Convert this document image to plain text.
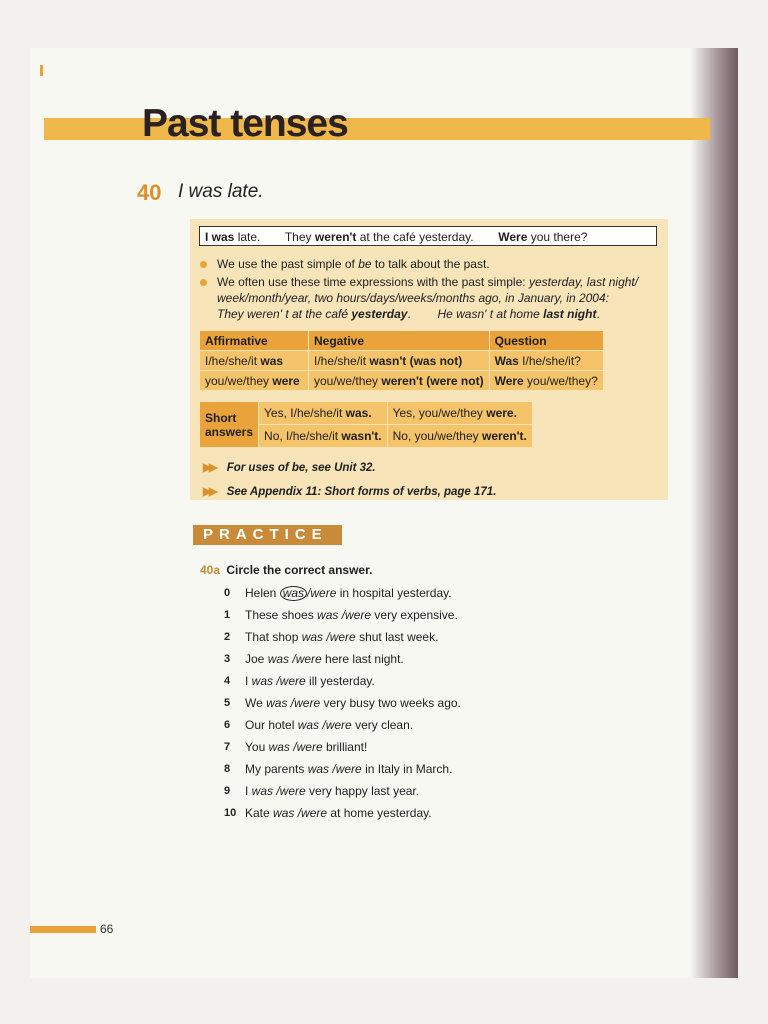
Past tenses
40 I was late.
I was late. They weren't at the café yesterday. Were you there?
We use the past simple of be to talk about the past.
We often use these time expressions with the past simple: yesterday, last night/ week/month/year, two hours/days/weeks/months ago, in January, in 2004:
They weren' t at the café yesterday.  He wasn' t at home last night.
Affirmative	Negative	Question
I/he/she/it was	I/he/she/it wasn't (was not)	Was I/he/she/it?
you/we/they were	you/we/they weren't (were not)	Were you/we/they?
Short
answers	Yes, I/he/she/it was.	Yes, you/we/they were.
	No, I/he/she/it wasn't.	No, you/we/they weren't.
▶▶ For uses of be, see Unit 32.
▶▶ See Appendix 11: Short forms of verbs, page 171.
PRACTICE
40a Circle the correct answer.
0	Helen was /were in hospital yesterday.
1	These shoes was /were very expensive.
2	That shop was /were shut last week.
3	Joe was /were here last night.
4	I was /were ill yesterday.
5	We was /were very busy two weeks ago.
6	Our hotel was /were very clean.
7	You was /were brilliant!
8	My parents was /were in Italy in March.
9	I was /were very happy last year.
10 Kate was /were at home yesterday.
66
